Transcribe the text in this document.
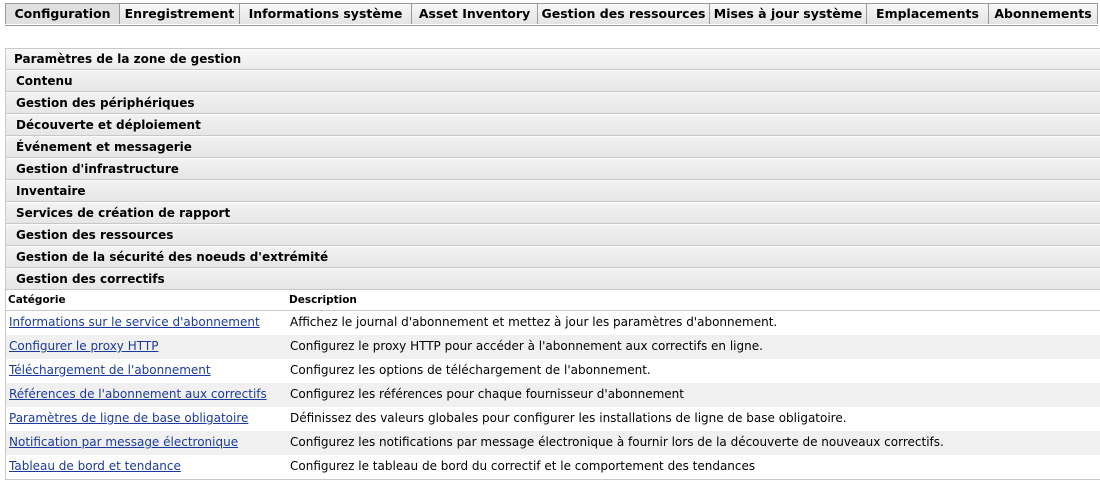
Configuration	Enregistrement	Informations système	Asset Inventory Gestion des ressources Mises à jour système	Emplacements	Abonnements
Paramètres de la zone de gestion
Contenu
Gestion des périphériques
Découverte et déploiement
Événement et messagerie
Gestion d'infrastructure
Inventaire
Services de création de rapport
Gestion des ressources
Gestion de la sécurité des noeuds d'extrémité
Gestion des correctifs
Catégorie	Description
Informations sur le service d'abonnement	Affichez le journal d'abonnement et mettez à jour les paramètres d'abonnement.
Configurer le proxy HTTP	Configurez le proxy HTTP pour accéder à l'abonnement aux correctifs en ligne.
Téléchargement de l'abonnement	Configurez les options de téléchargement de l'abonnement.
Références de l'abonnement aux correctifs	Configurez les références pour chaque fournisseur d'abonnement
Paramètres de ligne de base obligatoire	Définissez des valeurs globales pour configurer les installations de ligne de base obligatoire.
Notification par message électronique	Configurez les notifications par message électronique à fournir lors de la découverte de nouveaux correctifs.
Tableau de bord et tendance	Configurez le tableau de bord du correctif et le comportement des tendances
